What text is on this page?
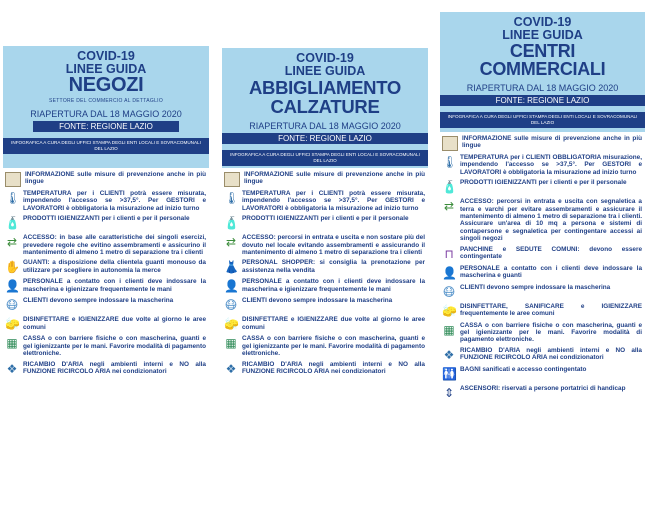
COVID-19
LINEE GUIDA
NEGOZI
SETTORE DEL COMMERCIO AL DETTAGLIO
RIAPERTURA DAL 18 MAGGIO 2020
FONTE: REGIONE LAZIO
INFOGRAFICA A CURA DEGLI UFFICI STAMPA DEGLI ENTI LOCALI E SOVRACOMUNALI DEL LAZIO
INFORMAZIONE sulle misure di prevenzione anche in più lingue
🌡 TEMPERATURA per i CLIENTI potrà essere misurata, impendendo l'accesso se >37,5°. Per GESTORI e LAVORATORI è obbligatoria la misurazione ad inizio turno
🧴 PRODOTTI IGIENIZZANTI per i clienti e per il personale
⇄ ACCESSO: in base alle caratteristiche dei singoli esercizi, prevedere regole che evitino assembramenti e assicurino il mantenimento di almeno 1 metro di separazione tra i clienti
✋ GUANTI: a disposizione della clientela guanti monouso da utilizzare per scegliere in autonomia la merce
👤 PERSONALE a contatto con i clienti deve indossare la mascherina e igienizzare frequentemente le mani
😷 CLIENTI devono sempre indossare la mascherina
🧽 DISINFETTARE e IGIENIZZARE due volte al giorno le aree comuni
▦ CASSA o con barriere fisiche o con mascherina, guanti e gel igienizzante per le mani. Favorire modalità di pagamento elettroniche.
❖ RICAMBIO D'ARIA negli ambienti interni e NO alla FUNZIONE RICIRCOLO ARIA nei condizionatori
COVID-19
LINEE GUIDA
ABBIGLIAMENTO
CALZATURE
RIAPERTURA DAL 18 MAGGIO 2020
FONTE: REGIONE LAZIO
INFOGRAFICA A CURA DEGLI UFFICI STAMPA DEGLI ENTI LOCALI E SOVRACOMUNALI DEL LAZIO
INFORMAZIONE sulle misure di prevenzione anche in più lingue
🌡 TEMPERATURA per i CLIENTI potrà essere misurata, impendendo l'accesso se >37,5°. Per GESTORI e LAVORATORI è obbligatoria la misurazione ad inizio turno
🧴 PRODOTTI IGIENIZZANTI per i clienti e per il personale
⇄ ACCESSO: percorsi in entrata e uscita e non sostare più del dovuto nel locale evitando assembramenti e assicurando il mantenimento di almeno 1 metro di separazione tra i clienti
👗 PERSONAL SHOPPER: si consiglia la prenotazione per assistenza nella vendita
👤 PERSONALE a contatto con i clienti deve indossare la mascherina e igienizzare frequentemente le mani
😷 CLIENTI devono sempre indossare la mascherina
🧽 DISINFETTARE e IGIENIZZARE due volte al giorno le aree comuni
▦ CASSA o con barriere fisiche o con mascherina, guanti e gel igienizzante per le mani. Favorire modalità di pagamento elettroniche.
❖ RICAMBIO D'ARIA negli ambienti interni e NO alla FUNZIONE RICIRCOLO ARIA nei condizionatori
COVID-19
LINEE GUIDA
CENTRI
COMMERCIALI
RIAPERTURA DAL 18 MAGGIO 2020
FONTE: REGIONE LAZIO
INFOGRAFICA A CURA DEGLI UFFICI STAMPA DEGLI ENTI LOCALI E SOVRACOMUNALI DEL LAZIO
INFORMAZIONE sulle misure di prevenzione anche in più lingue
🌡 TEMPERATURA per i CLIENTI OBBLIGATORIA misurazione, impendendo l'accesso se >37,5°. Per GESTORI e LAVORATORI è obbligatoria la misurazione ad inizio turno
🧴 PRODOTTI IGIENIZZANTI per i clienti e per il personale
⇄ ACCESSO: percorsi in entrata e uscita con segnaletica a terra e varchi per evitare assembramenti e assicurare il mantenimento di almeno 1 metro di separazione tra i clienti. Assicurare un'area di 10 mq a persona e sistemi di contapersone e segnaletica per contingentare accessi ai singoli negozi
⊓ PANCHINE e SEDUTE COMUNI: devono essere contingentate
👤 PERSONALE a contatto con i clienti deve indossare la mascherina e guanti
😷 CLIENTI devono sempre indossare la mascherina
🧽 DISINFETTARE, SANIFICARE e IGIENIZZARE frequentemente le aree comuni
▦ CASSA o con barriere fisiche o con mascherina, guanti e gel igienizzante per le mani. Favorire modalità di pagamento elettroniche.
❖ RICAMBIO D'ARIA negli ambienti interni e NO alla FUNZIONE RICIRCOLO ARIA nei condizionatori
🚻 BAGNI sanificati e accesso contingentato
⇕ ASCENSORI: riservati a persone portatrici di handicap
